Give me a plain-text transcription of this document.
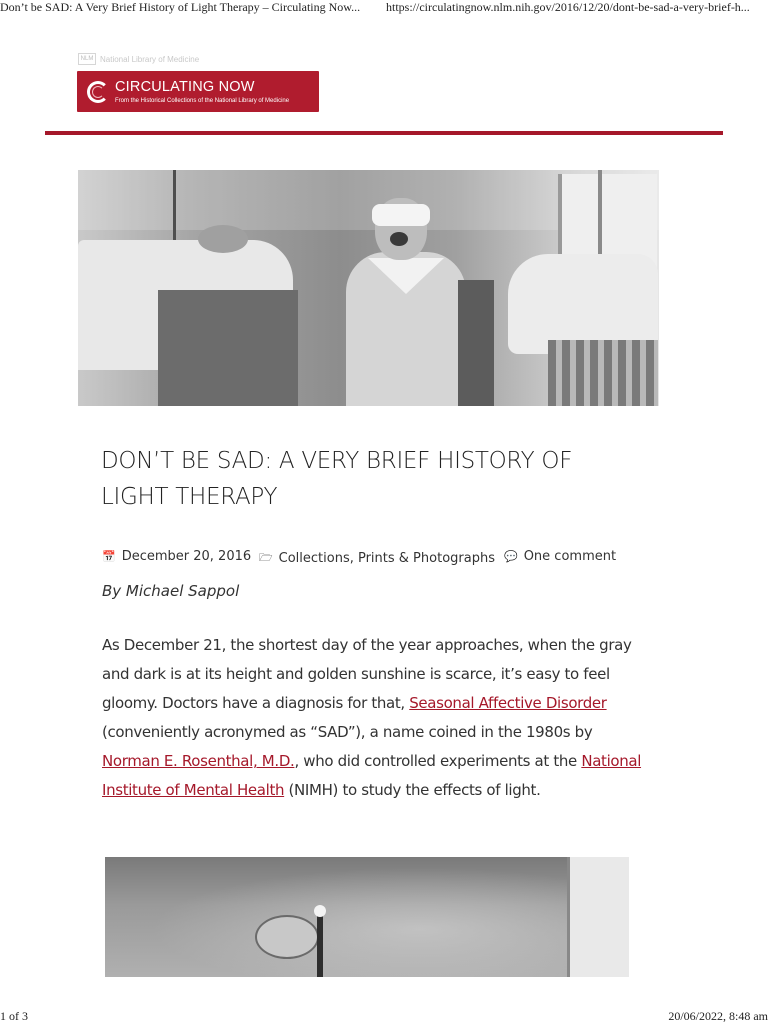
Don’t be SAD: A Very Brief History of Light Therapy – Circulating Now... https://circulatingnow.nlm.nih.gov/2016/12/20/dont-be-sad-a-very-brief-h...
NLM National Library of Medicine
CIRCULATING NOW
From the Historical Collections of the National Library of Medicine
DON’T BE SAD: A VERY BRIEF HISTORY OF LIGHT THERAPY
📅 December 20, 2016 🗁 Collections, Prints & Photographs 💬 One comment

By Michael Sappol

As December 21, the shortest day of the year approaches, when the gray and dark is at its height and golden sunshine is scarce, it’s easy to feel gloomy. Doctors have a diagnosis for that, Seasonal Affective Disorder (conveniently acronymed as “SAD”), a name coined in the 1980s by Norman E. Rosenthal, M.D., who did controlled experiments at the National Institute of Mental Health (NIMH) to study the effects of light.

1 of 3	20/06/2022, 8:48 am
